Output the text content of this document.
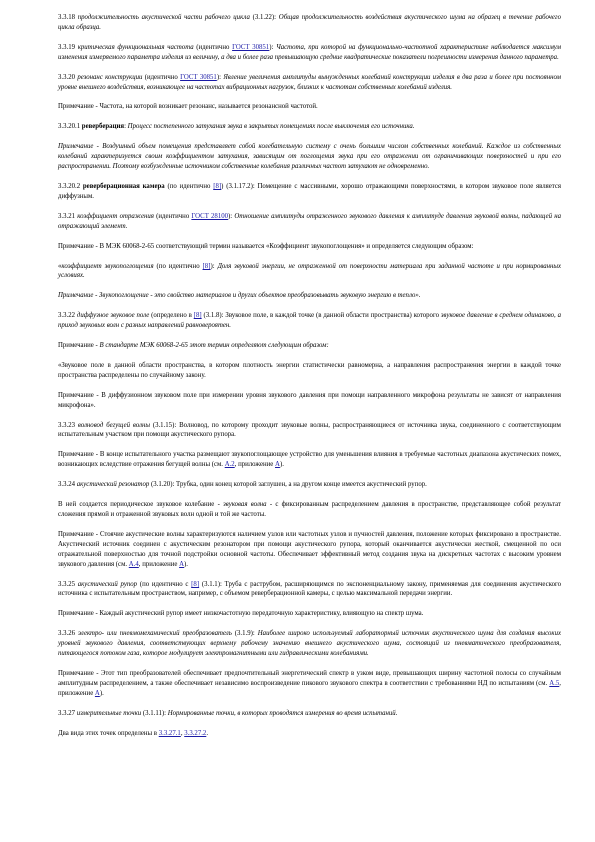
3.3.18 продолжительность акустической части рабочего цикла (3.1.22): Общая продолжительность воздействия акустического шума на образец в течение рабочего цикла образца.

3.3.19 критическая функциональная частота (идентично ГОСТ 30851): Частота, при которой на функционально-частотной характеристике наблюдается максимум изменения измеряемого параметра изделия из величину, а два и более раза превышающую средние квадратические показатели погрешности измерения данного параметра.

3.3.20 резонанс конструкции (идентично ГОСТ 30851): Явление увеличения амплитуды вынужденных колебаний конструкции изделия в два раза и более при постоянном уровне внешнего воздействия, возникающее на частотах вибрационных нагрузок, близких к частотам собственных колебаний изделия.

Примечание - Частота, на которой возникает резонанс, называется резонансной частотой.

3.3.20.1 реверберация: Процесс постепенного затухания звука в закрытых помещениях после выключения его источника.

Примечание - Воздушный объем помещения представляет собой колебательную систему с очень большим числом собственных колебаний. Каждое из собственных колебаний характеризуется своим коэффициентом затухания, зависящим от поглощения звука при его отражении от ограничивающих поверхностей и при его распространении. Поэтому возбужденные источником собственные колебания различных частот затухают не одновременно.

3.3.20.2 реверберационная камера (по идентично [8]) (3.1.17.2): Помещение с массивными, хорошо отражающими поверхностями, в котором звуковое поле является диффузным.

3.3.21 коэффициент отражения (идентично ГОСТ 28100): Отношение амплитуды отраженного звукового давления к амплитуде давления звуковой волны, падающей на отражающий элемент.

Примечание - В МЭК 60068-2-65 соответствующий термин называется «Коэффициент звукопоглощения» и определяется следующим образом:

«коэффициент звукопоглощения (по идентично [8]): Доля звуковой энергии, не отраженной от поверхности материала при заданной частоте и при нормированных условиях.

Примечание - Звукопоглощение - это свойство материалов и других объектов преобразовывать звуковую энергию в тепло».

3.3.22 диффузное звуковое поле (определено в [8] (3.1.8): Звуковое поле, в каждой точке (в данной области пространства) которого звуковое давление в среднем одинаково, а приход звуковых волн с разных направлений равновероятен.

Примечание - В стандарте МЭК 60068-2-65 этот термин определяют следующим образом:

«Звуковое поле в данной области пространства, в котором плотность энергии статистически равномерна, а направления распространения энергии в каждой точке пространства распределены по случайному закону.

Примечание - В диффузионном звуковом поле при измерении уровня звукового давления при помощи направленного микрофона результаты не зависят от направления микрофона».

3.3.23 волновод бегущей волны (3.1.15): Волновод, по которому проходит звуковые волны, распространяющиеся от источника звука, соединенного с соответствующим испытательным участком при помощи акустического рупора.

Примечание - В конце испытательного участка размещают звукопоглощающее устройство для уменьшения влияния в требуемые частотных диапазона акустических помех, возникающих вследствие отражения бегущей волны (см. A.2, приложение A).

3.3.24 акустический резонатор (3.1.20): Трубка, один конец которой заглушен, а на другом конце имеется акустический рупор.

В ней создается периодическое звуковое колебание - звуковая волна - с фиксированным распределением давления в пространстве, представляющее собой результат сложения прямой и отраженной звуковых волн одной и той же частоты.

Примечание - Стоячие акустические волны характеризуются наличием узлов или частотных узлов и пучностей давления, положение которых фиксировано в пространстве. Акустический источник соединен с акустическим резонатором при помощи акустического рупора, который оканчивается акустически жесткой, смещенной по оси отражательной поверхностью для точной подстройки основной частоты. Обеспечивает эффективный метод создания звука на дискретных частотах с высоким уровнем звукового давления (см. A.4, приложение A).

3.3.25 акустический рупор (по идентично с [8] (3.1.1): Труба с раструбом, расширяющимся по экспоненциальному закону, применяемая для соединения акустического источника с испытательным пространством, например, с объемом реверберационной камеры, с целью максимальной передачи энергии.

Примечание - Каждый акустический рупор имеет низкочастотную передаточную характеристику, влияющую на спектр шума.

3.3.26 электро- или пневмомеханический преобразователь (3.1.9): Наиболее широко используемый лабораторный источник акустического шума для создания высоких уровней звукового давления, соответствующих верхнему рабочему значению внешнего акустического шума, состоящий из пневматического преобразователя, питающегося потоком газа, которое модулирует электромагнитными или гидравлическими колебаниями.

Примечание - Этот тип преобразователей обеспечивает предпочтительный энергетический спектр в узком виде, превышающих ширину частотной полосы со случайным амплитудным распределением, а также обеспечивает независимо воспроизведение пикового звукового спектра в соответствии с требованиями НД по испытаниям (см. A.5, приложение A).

3.3.27 измерительные точки (3.1.11): Нормированные точки, в которых проводятся измерения во время испытаний.

Два вида этих точек определены в 3.3.27.1, 3.3.27.2.
